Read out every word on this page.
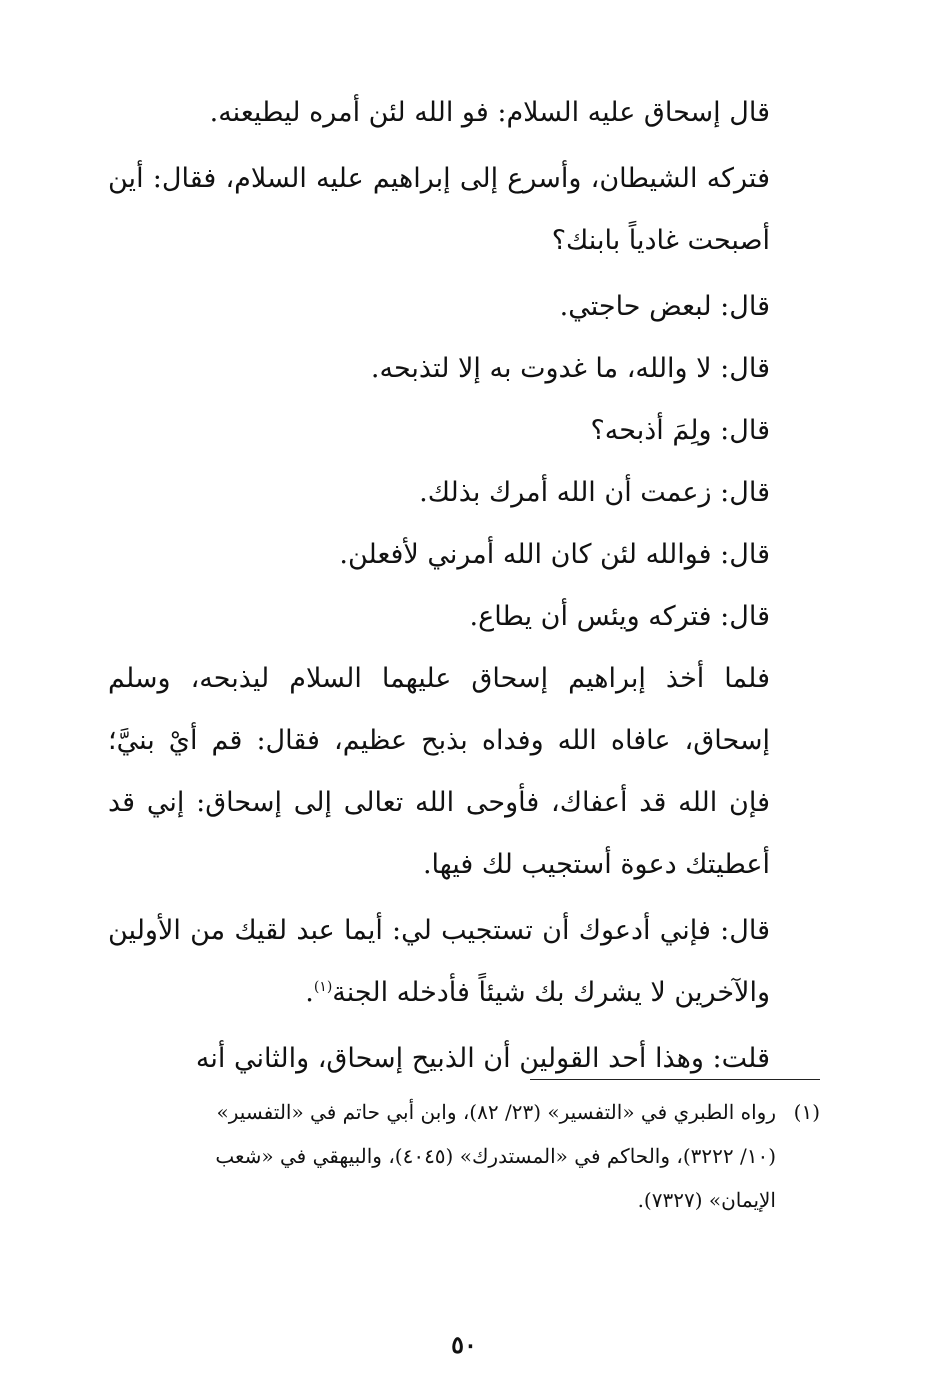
قال إسحاق عليه السلام: فو الله لئن أمره ليطيعنه.

فتركه الشيطان، وأسرع إلى إبراهيم عليه السلام، فقال: أين أصبحت غادياً بابنك؟

قال: لبعض حاجتي.

قال: لا والله، ما غدوت به إلا لتذبحه.

قال: ولِمَ أذبحه؟

قال: زعمت أن الله أمرك بذلك.

قال: فوالله لئن كان الله أمرني لأفعلن.

قال: فتركه ويئس أن يطاع.

فلما أخذ إبراهيم إسحاق عليهما السلام ليذبحه، وسلم إسحاق، عافاه الله وفداه بذبح عظيم، فقال: قم أيْ بنيَّ؛ فإن الله قد أعفاك، فأوحى الله تعالى إلى إسحاق: إني قد أعطيتك دعوة أستجيب لك فيها.

قال: فإني أدعوك أن تستجيب لي: أيما عبد لقيك من الأولين والآخرين لا يشرك بك شيئاً فأدخله الجنة$^{(١)}$.

قلت: وهذا أحد القولين أن الذبيح إسحاق، والثاني أنه

(١)رواه الطبري في «التفسير» (٢٣/ ٨٢)، وابن أبي حاتم في «التفسير»
(١٠/ ٣٢٢٢)، والحاكم في «المستدرك» (٤٠٤٥)، والبيهقي في «شعب
الإيمان» (٧٣٢٧).
٥٠
